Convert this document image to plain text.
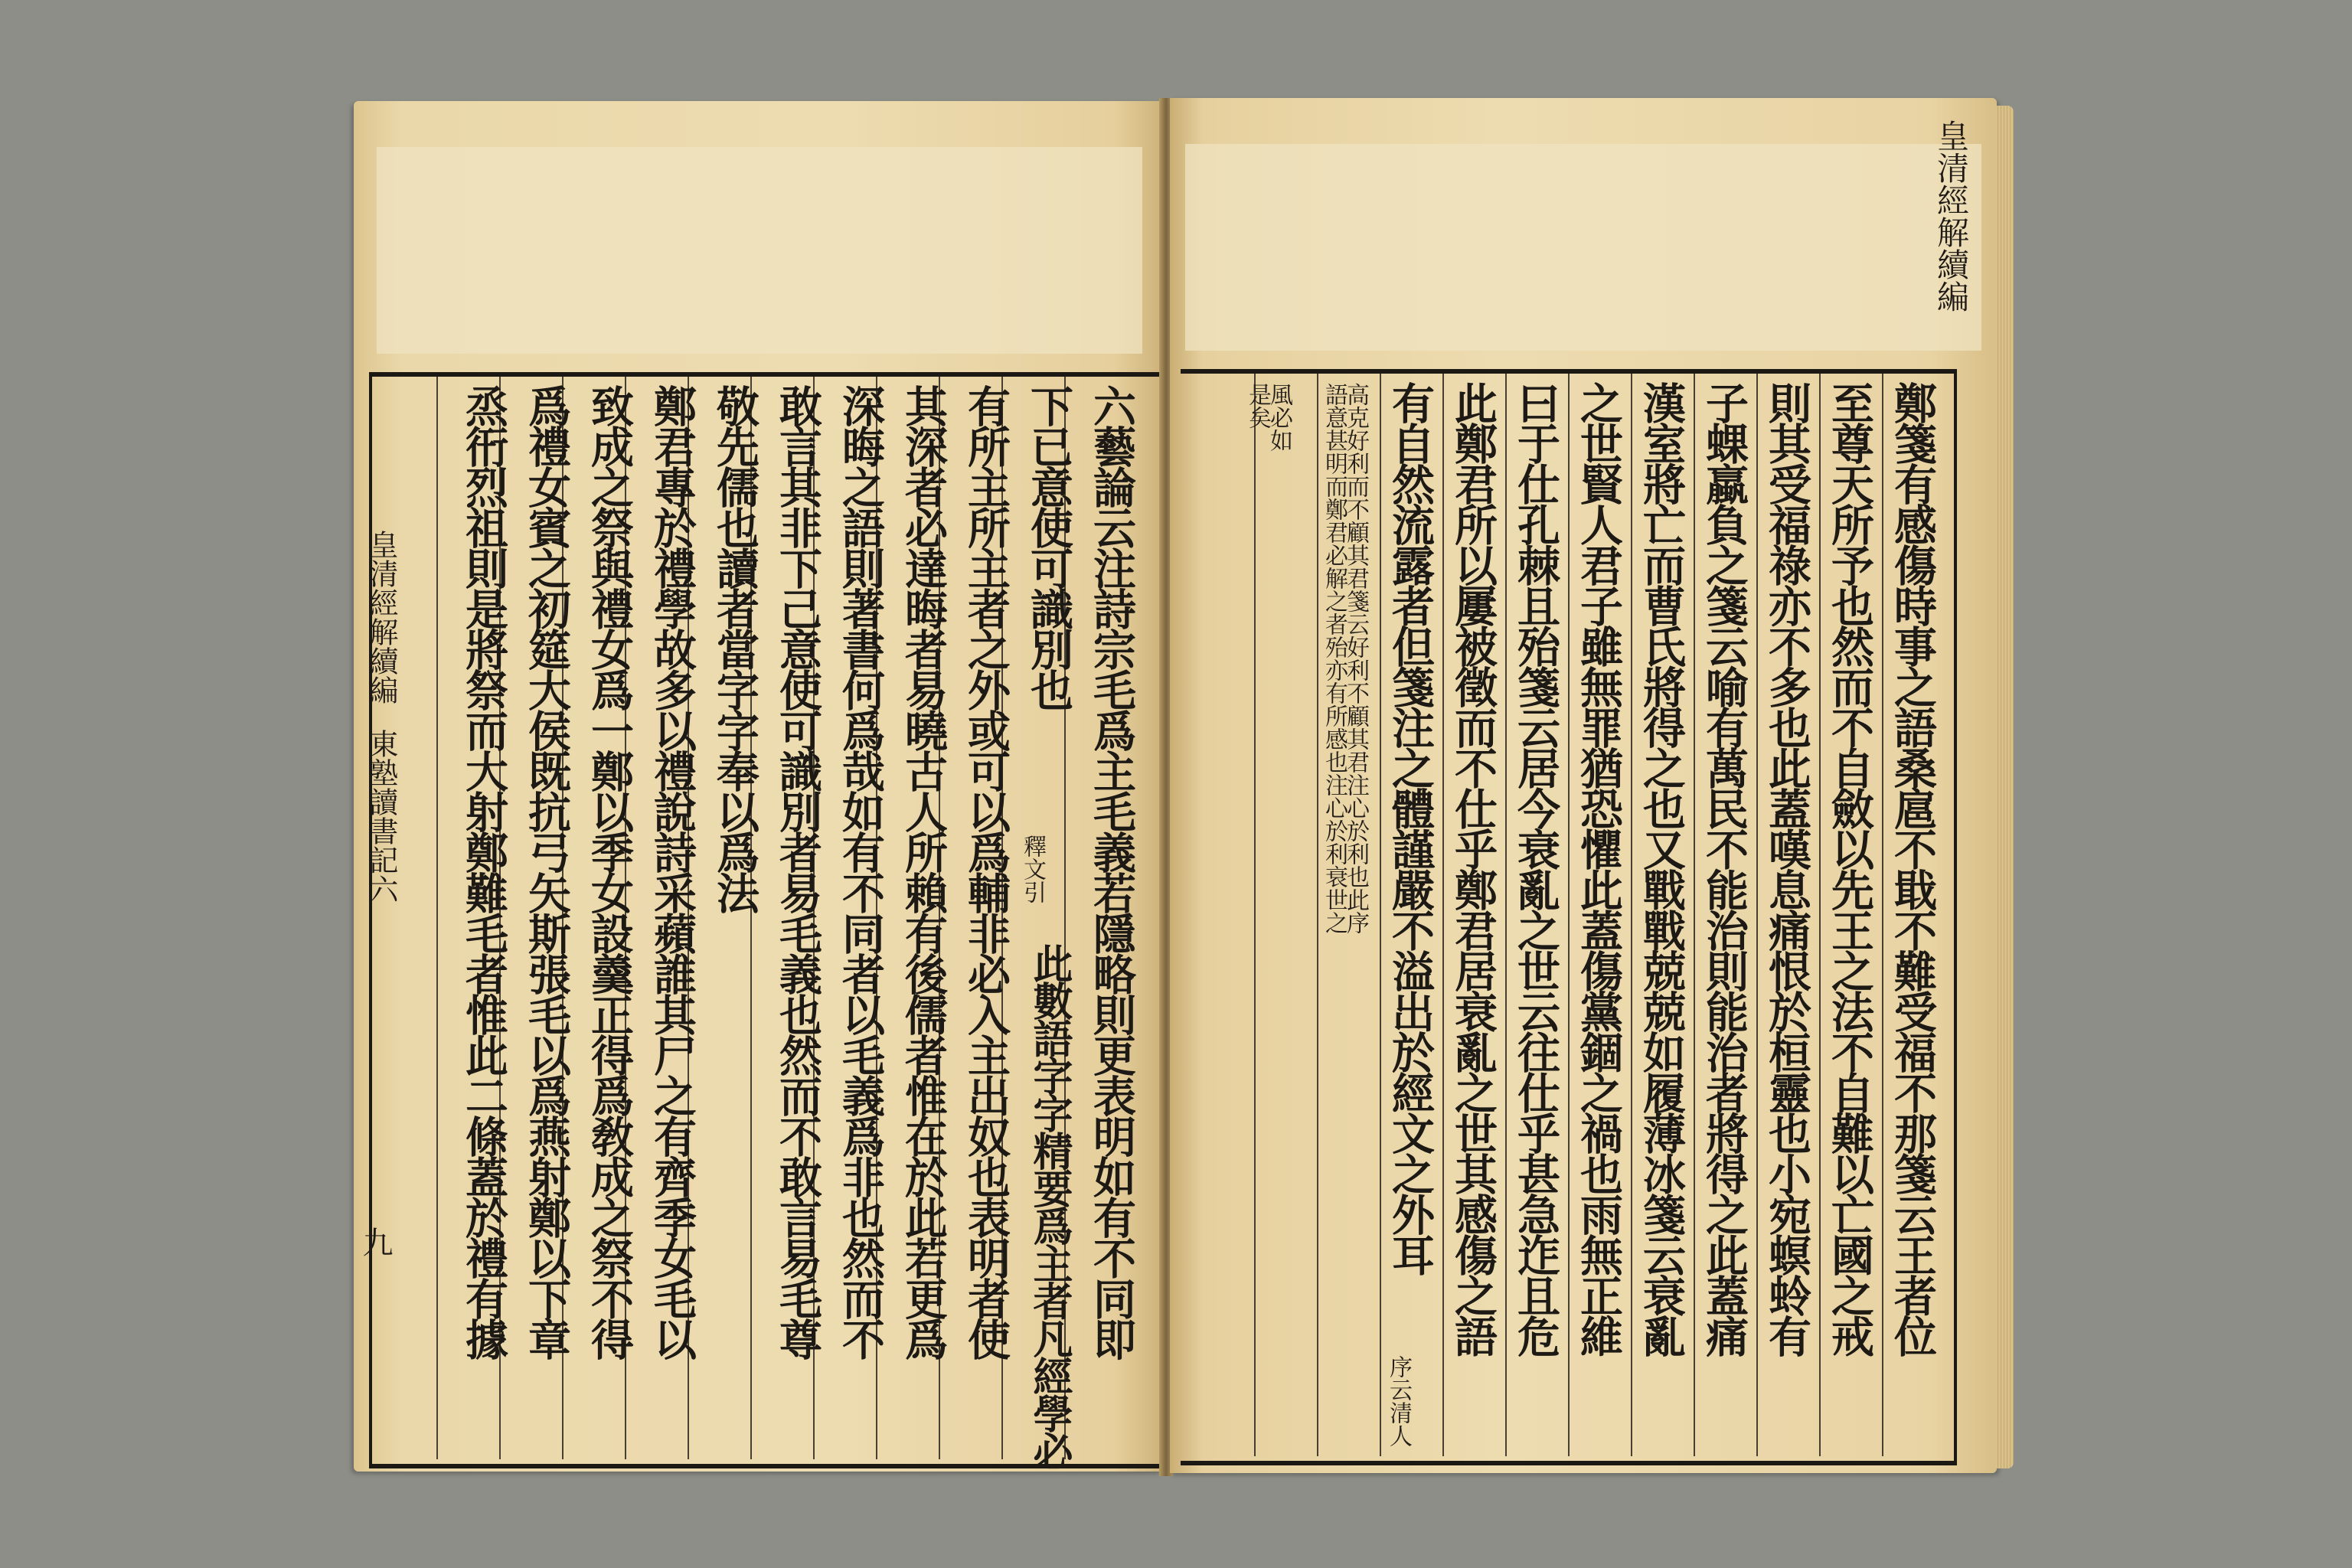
皇清經解續編
東塾讀書記六
九	六藝論云注詩宗毛爲主毛義若隱略則更表明如有不同即
下已意使可識別也
釋文引
此數語字字精要爲主者凡經學必
有所主所主者之外或可以爲輔非必入主出奴也表明者使
其深者必達晦者易曉古人所賴有後儒者惟在於此若更爲
深晦之語則著書何爲哉如有不同者以毛義爲非也然而不
敢言其非下己意使可識別者易毛義也然而不敢言易毛尊
敬先儒也讀者當字字奉以爲法
鄭君專於禮學故多以禮說詩采蘋誰其尸之有齊季女毛以
致成之祭與禮女爲一鄭以季女設羹正得爲敎成之祭不得
爲禮女賓之初筵大侯既抗弓矢斯張毛以爲燕射鄭以下章
烝衎烈祖則是將祭而大射鄭難毛者惟此二條蓋於禮有據
皇清經解續編
鄭箋有感傷時事之語桑扈不戢不難受福不那箋云王者位
至尊天所予也然而不自斂以先王之法不自難以亡國之戒
則其受福祿亦不多也此蓋嘆息痛恨於桓靈也小宛螟蛉有
子蜾蠃負之箋云喻有萬民不能治則能治者將得之此蓋痛
漢室將亡而曹氏將得之也又戰戰兢兢如履薄冰箋云衰亂
之世賢人君子雖無罪猶恐懼此蓋傷黨錮之禍也雨無正維
曰于仕孔棘且殆箋云居今衰亂之世云往仕乎甚急迮且危
此鄭君所以屢被徵而不仕乎鄭君居衰亂之世其感傷之語
有自然流露者但箋注之體謹嚴不溢出於經文之外耳
序云清人
高克好利而不顧其君箋云好利不顧其君注心於利也此序
語意甚明而鄭君必解之者殆亦有所感也注心於利衰世之
風必如
是矣
